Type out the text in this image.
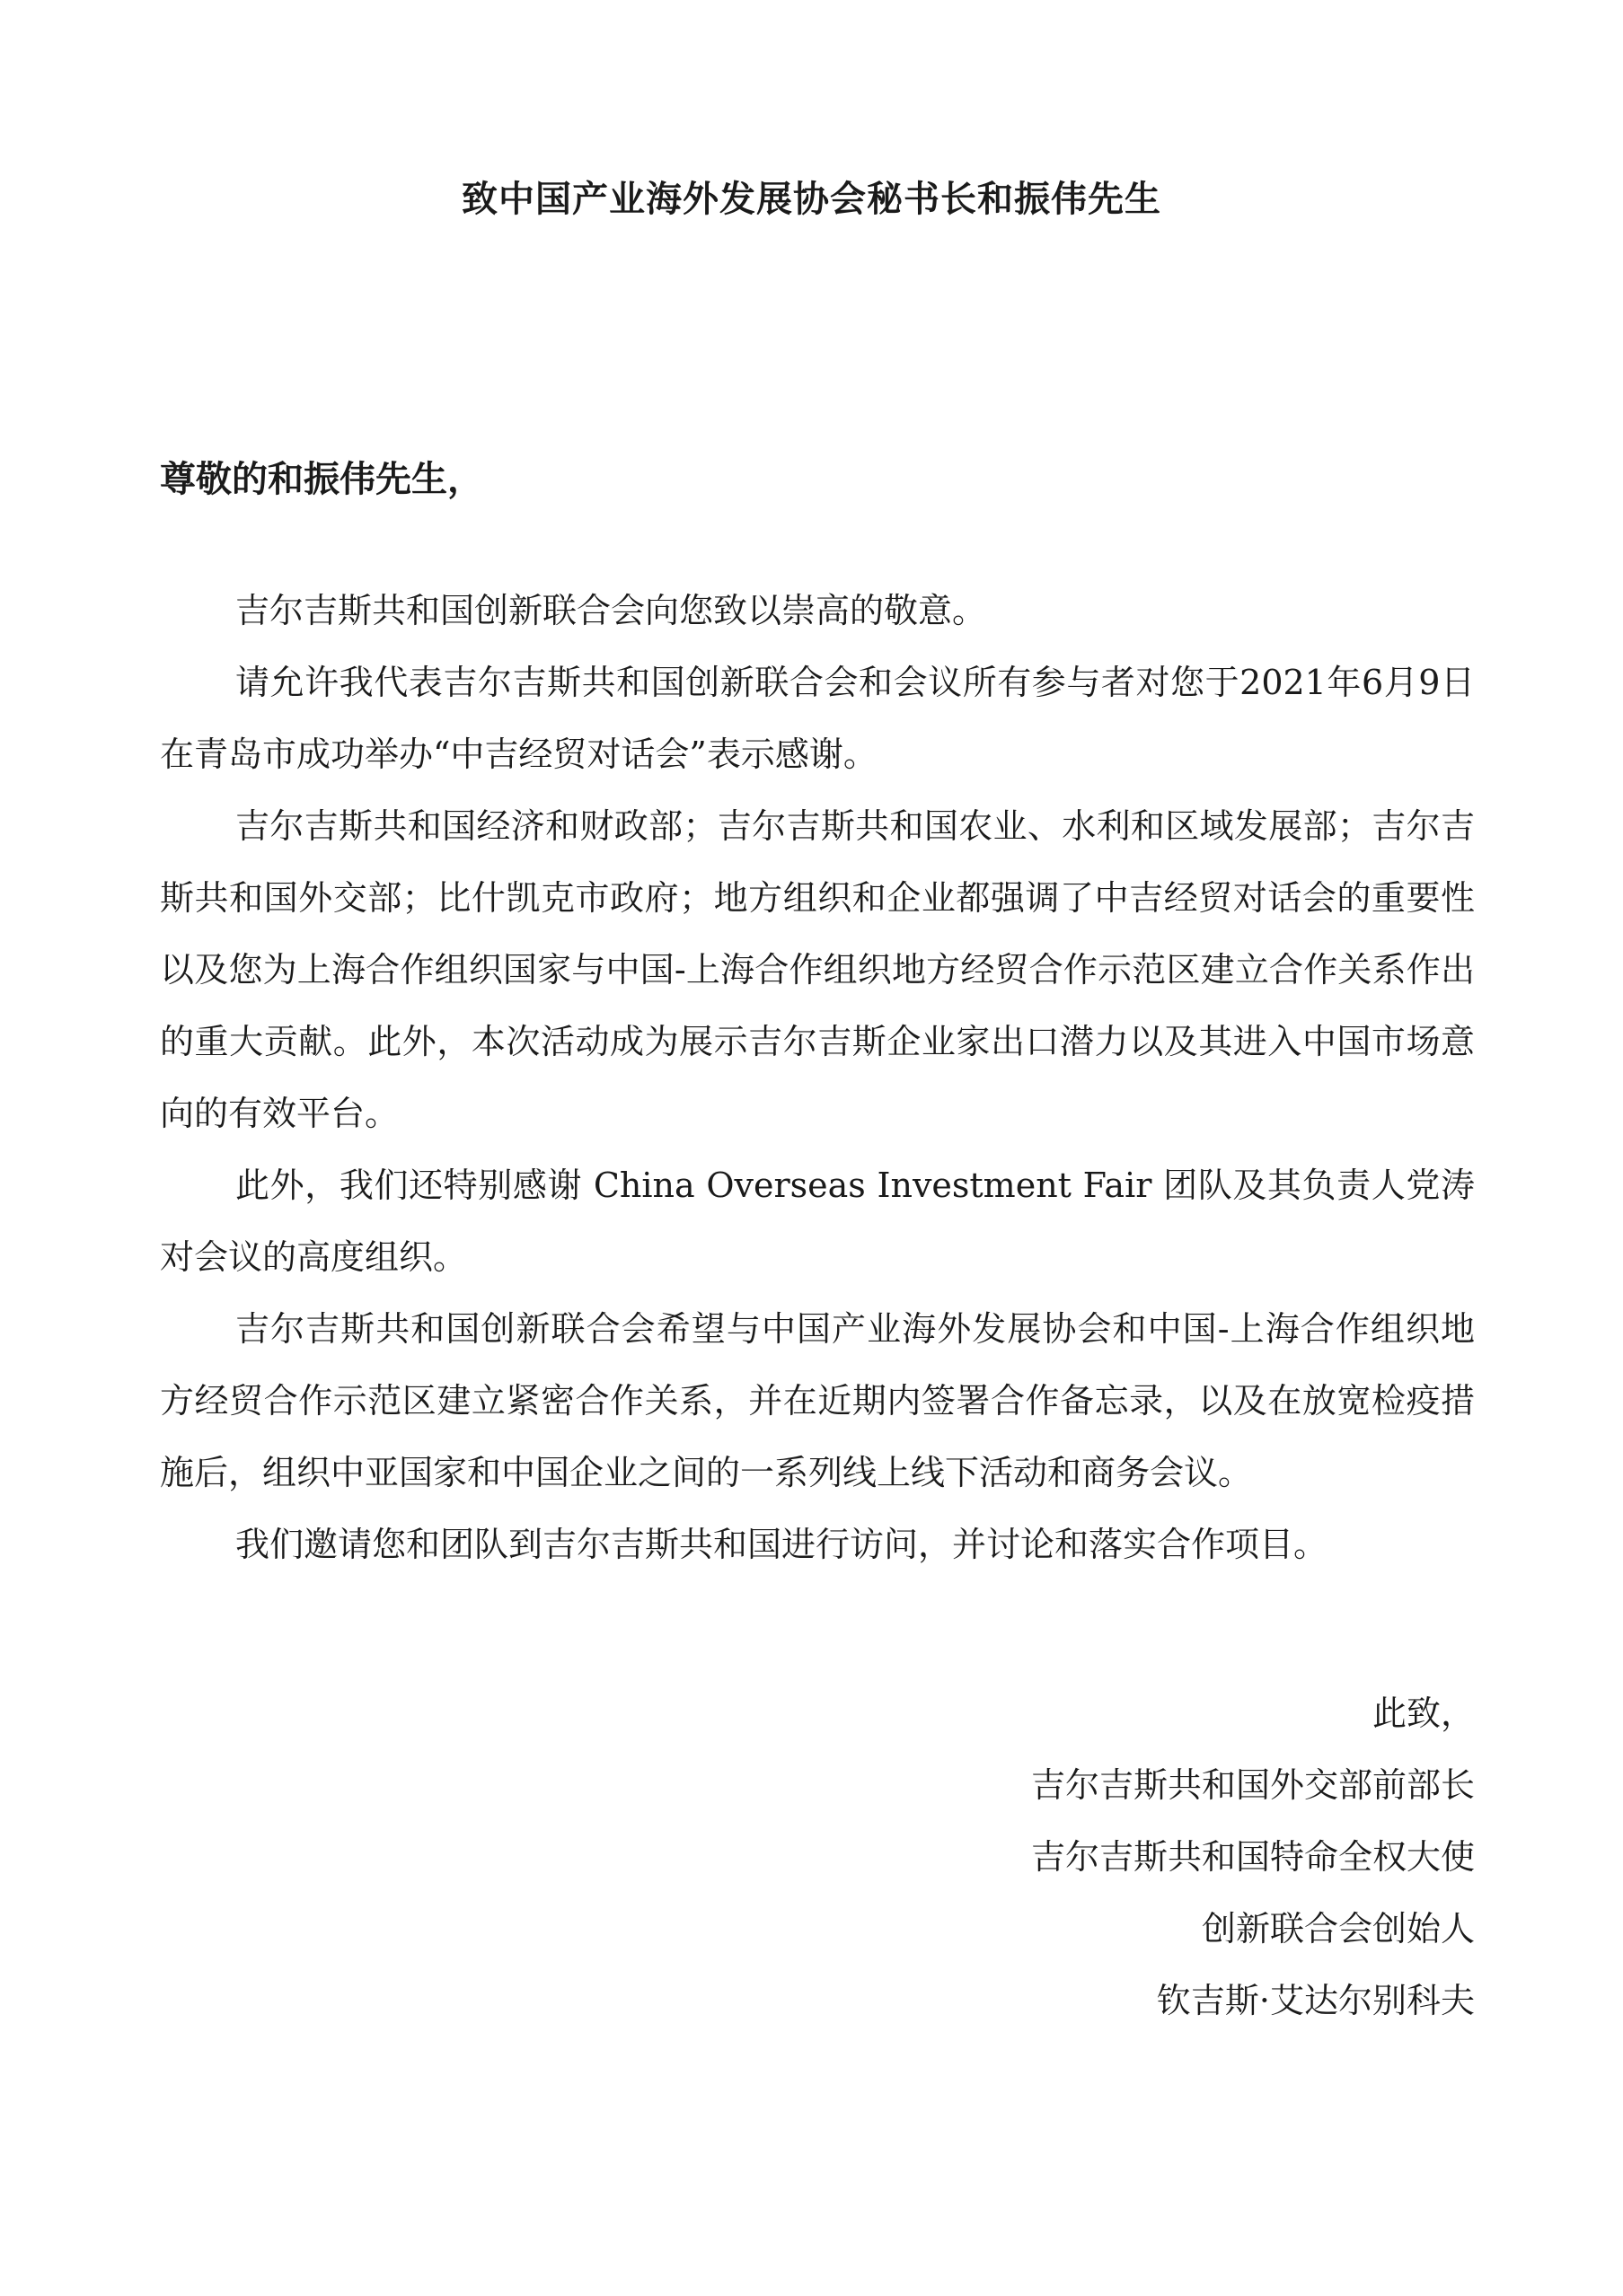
致中国产业海外发展协会秘书长和振伟先生
尊敬的和振伟先生，

吉尔吉斯共和国创新联合会向您致以崇高的敬意。

请允许我代表吉尔吉斯共和国创新联合会和会议所有参与者对您于2021年6月9日在青岛市成功举办“中吉经贸对话会”表示感谢。

吉尔吉斯共和国经济和财政部；吉尔吉斯共和国农业、水利和区域发展部；吉尔吉斯共和国外交部；比什凯克市政府；地方组织和企业都强调了中吉经贸对话会的重要性以及您为上海合作组织国家与中国-上海合作组织地方经贸合作示范区建立合作关系作出的重大贡献。此外，本次活动成为展示吉尔吉斯企业家出口潜力以及其进入中国市场意向的有效平台。

此外，我们还特别感谢 China Overseas Investment Fair 团队及其负责人党涛对会议的高度组织。

吉尔吉斯共和国创新联合会希望与中国产业海外发展协会和中国-上海合作组织地方经贸合作示范区建立紧密合作关系，并在近期内签署合作备忘录，以及在放宽检疫措施后，组织中亚国家和中国企业之间的一系列线上线下活动和商务会议。

我们邀请您和团队到吉尔吉斯共和国进行访问，并讨论和落实合作项目。

此致，

吉尔吉斯共和国外交部前部长

吉尔吉斯共和国特命全权大使

创新联合会创始人

钦吉斯·艾达尔别科夫
